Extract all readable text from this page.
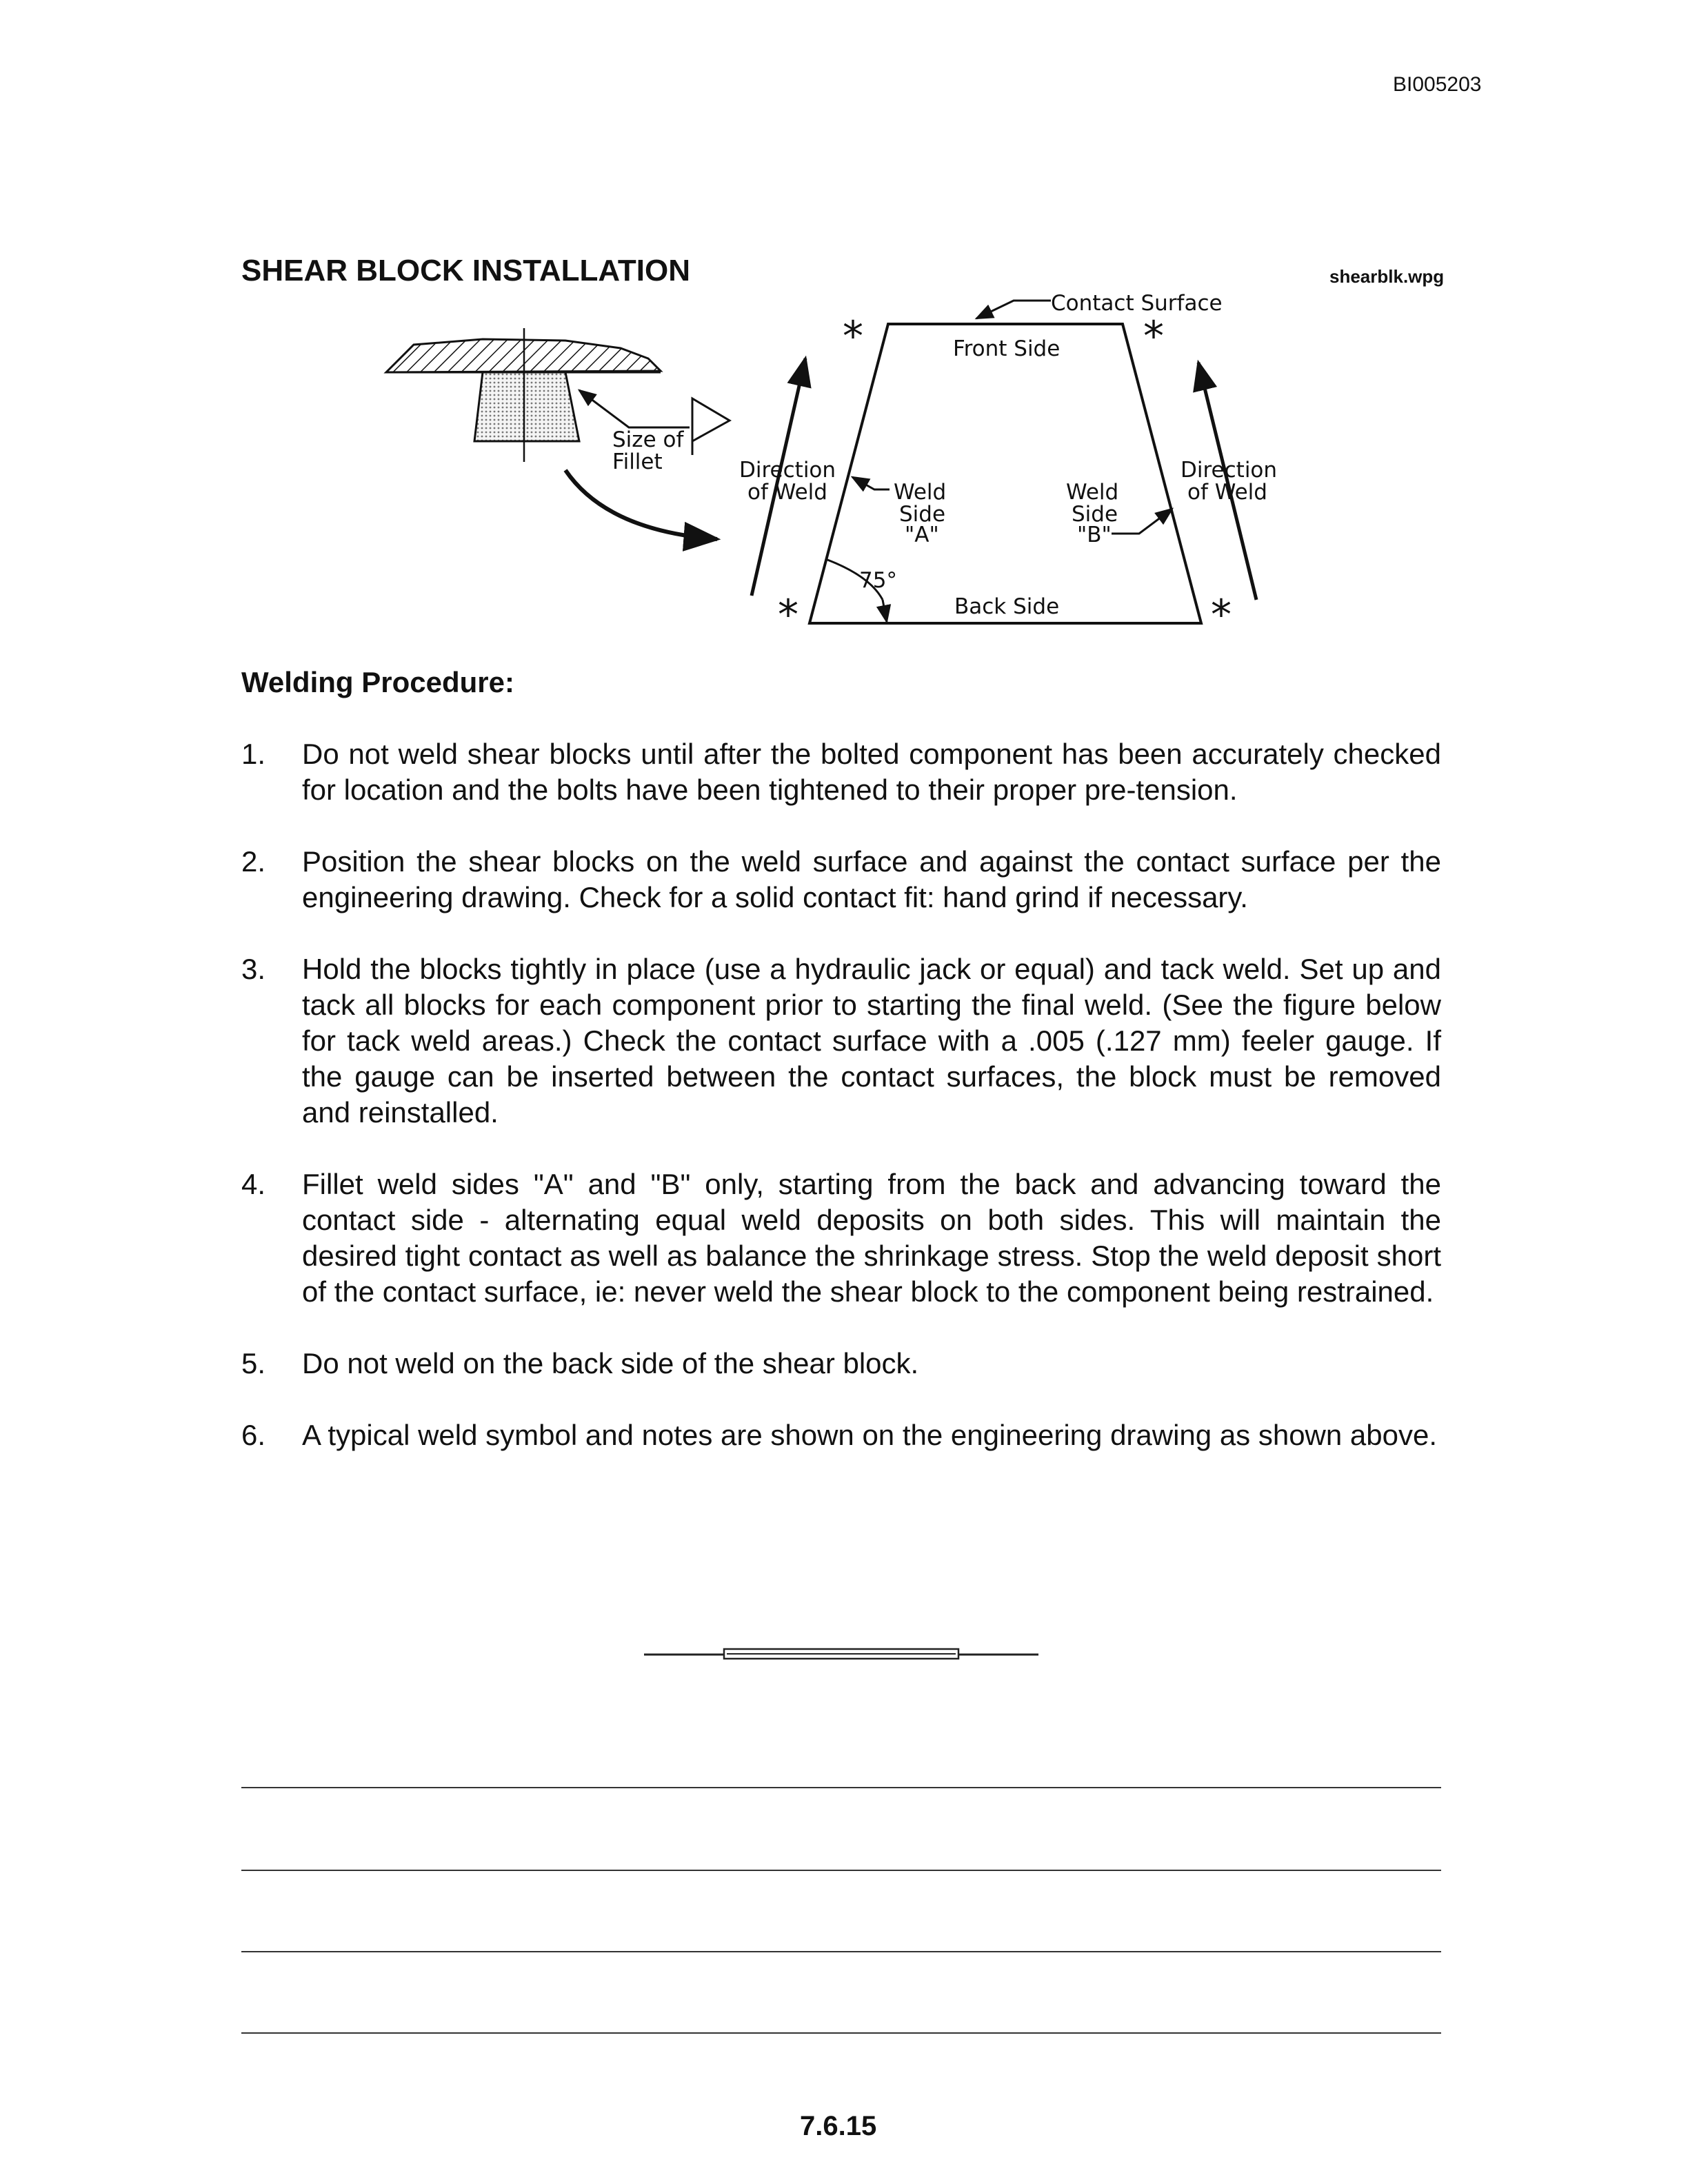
BI005203
SHEAR BLOCK INSTALLATION	shearblk.wpg
Size of
Fillet
Contact Surface
Front Side
Back Side
Direction
of Weld
Direction
of Weld
Weld
Side
"A"
Weld
Side
"B"
75°
*	*
*	*
Welding Procedure:
1.	Do not weld shear blocks until after the bolted component has been accurately checked for location and the bolts have been tightened to their proper pre-tension.
2.	Position the shear blocks on the weld surface and against the contact surface per the engineering drawing. Check for a solid contact fit: hand grind if necessary.
3.	Hold the blocks tightly in place (use a hydraulic jack or equal) and tack weld. Set up and tack all blocks for each component prior to starting the final weld. (See the figure below for tack weld areas.) Check the contact surface with a .005 (.127 mm) feeler gauge. If the gauge can be inserted between the contact surfaces, the block must be removed and reinstalled.
4.	Fillet weld sides "A" and "B" only, starting from the back and advancing toward the contact side - alternating equal weld deposits on both sides. This will maintain the desired tight contact as well as balance the shrinkage stress. Stop the weld deposit short of the contact surface, ie: never weld the shear block to the component being restrained.
5.	Do not weld on the back side of the shear block.
6.	A typical weld symbol and notes are shown on the engineering drawing as shown above.
7.6.15
